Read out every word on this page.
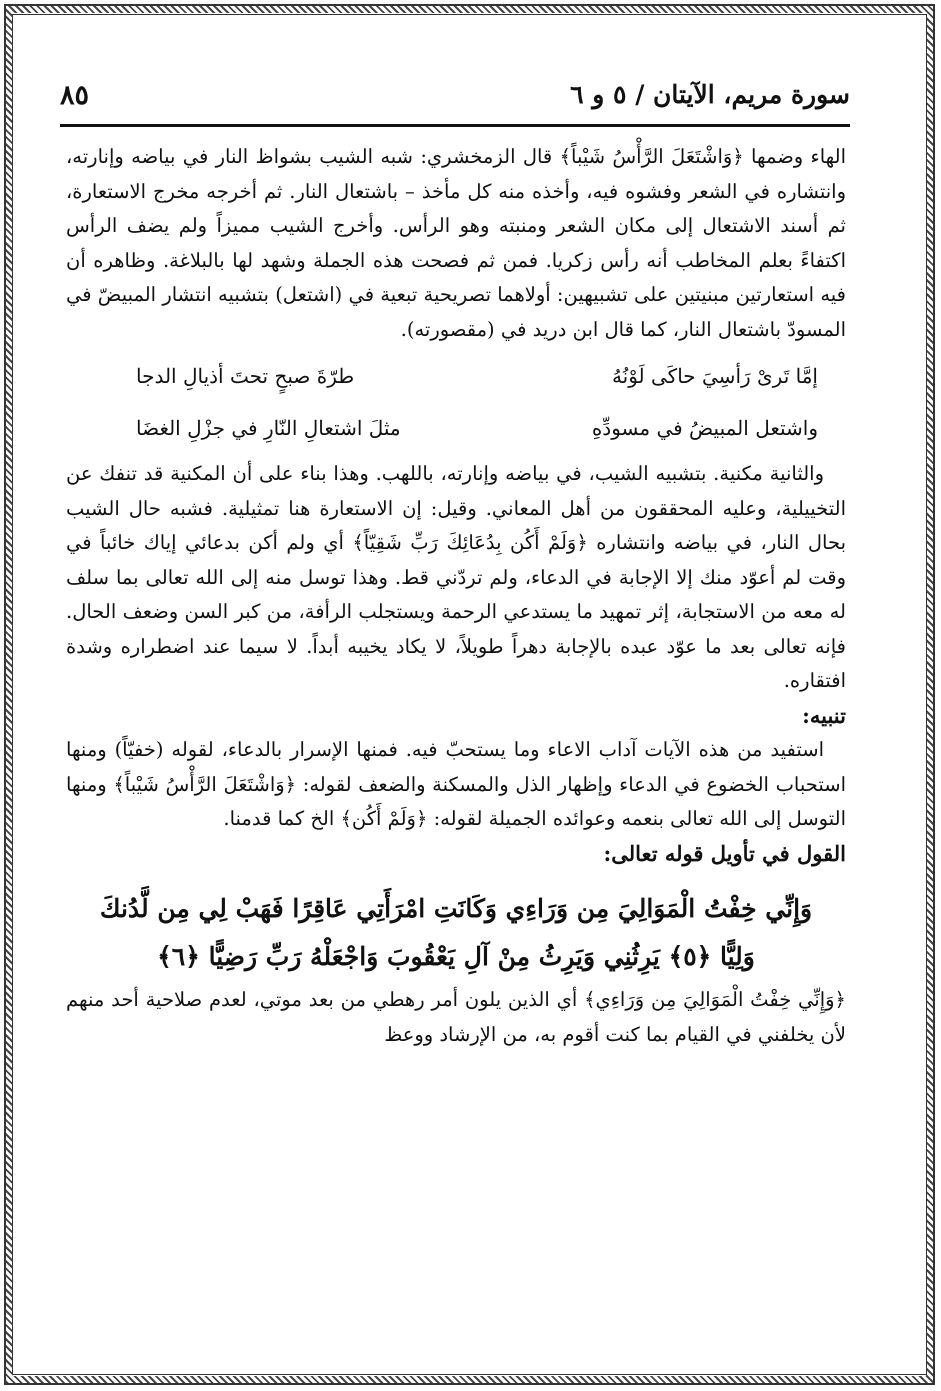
سورة مريم، الآيتان / ٥ و ٦
٨٥

الهاء وضمها ﴿وَاشْتَعَلَ الرَّأْسُ شَيْباً﴾ قال الزمخشري: شبه الشيب بشواظ النار في بياضه وإنارته، وانتشاره في الشعر وفشوه فيه، وأخذه منه كل مأخذ – باشتعال النار. ثم أخرجه مخرج الاستعارة، ثم أسند الاشتعال إلى مكان الشعر ومنبته وهو الرأس. وأخرج الشيب مميزاً ولم يضف الرأس اكتفاءً بعلم المخاطب أنه رأس زكريا. فمن ثم فصحت هذه الجملة وشهد لها بالبلاغة. وظاهره أن فيه استعارتين مبنيتين على تشبيهين: أولاهما تصريحية تبعية في (اشتعل) بتشبيه انتشار المبيضّ في المسودّ باشتعال النار، كما قال ابن دريد في (مقصورته).

إمَّا تَرىْ رَأسِيَ حاكَى لَوْنُهُ
طرّةَ صبحٍ تحتَ أذيالِ الدجا
واشتعل المبيضُ في مسودِّهِ
مثلَ اشتعالِ النّارِ في جزْلِ الغضَا

والثانية مكنية. بتشبيه الشيب، في بياضه وإنارته، باللهب. وهذا بناء على أن المكنية قد تنفك عن التخييلية، وعليه المحققون من أهل المعاني. وقيل: إن الاستعارة هنا تمثيلية. فشبه حال الشيب بحال النار، في بياضه وانتشاره ﴿وَلَمْ أَكُن بِدُعَائِكَ رَبِّ شَقِيّاً﴾ أي ولم أكن بدعائي إياك خائباً في وقت لم أعوّد منك إلا الإجابة في الدعاء، ولم تردّني قط. وهذا توسل منه إلى الله تعالى بما سلف له معه من الاستجابة، إثر تمهيد ما يستدعي الرحمة ويستجلب الرأفة، من كبر السن وضعف الحال. فإنه تعالى بعد ما عوّد عبده بالإجابة دهراً طويلاً، لا يكاد يخيبه أبداً. لا سيما عند اضطراره وشدة افتقاره.

تنبيه:

استفيد من هذه الآيات آداب الاعاء وما يستحبّ فيه. فمنها الإسرار بالدعاء، لقوله (خفيّاً) ومنها استحباب الخضوع في الدعاء وإظهار الذل والمسكنة والضعف لقوله: ﴿وَاشْتَعَلَ الرَّأْسُ شَيْباً﴾ ومنها التوسل إلى الله تعالى بنعمه وعوائده الجميلة لقوله: ﴿وَلَمْ أَكُن﴾ الخ كما قدمنا.

القول في تأويل قوله تعالى:

وَإِنِّي خِفْتُ الْمَوَالِيَ مِن وَرَاءِي وَكَانَتِ امْرَأَتِي عَاقِرًا فَهَبْ لِي مِن لَّدُنكَ
وَلِيًّا ﴿٥﴾ يَرِثُنِي وَيَرِثُ مِنْ آلِ يَعْقُوبَ وَاجْعَلْهُ رَبِّ رَضِيًّا ﴿٦﴾

﴿وَإِنِّي خِفْتُ الْمَوَالِيَ مِن وَرَاءِي﴾ أي الذين يلون أمر رهطي من بعد موتي، لعدم صلاحية أحد منهم لأن يخلفني في القيام بما كنت أقوم به، من الإرشاد ووعظ
